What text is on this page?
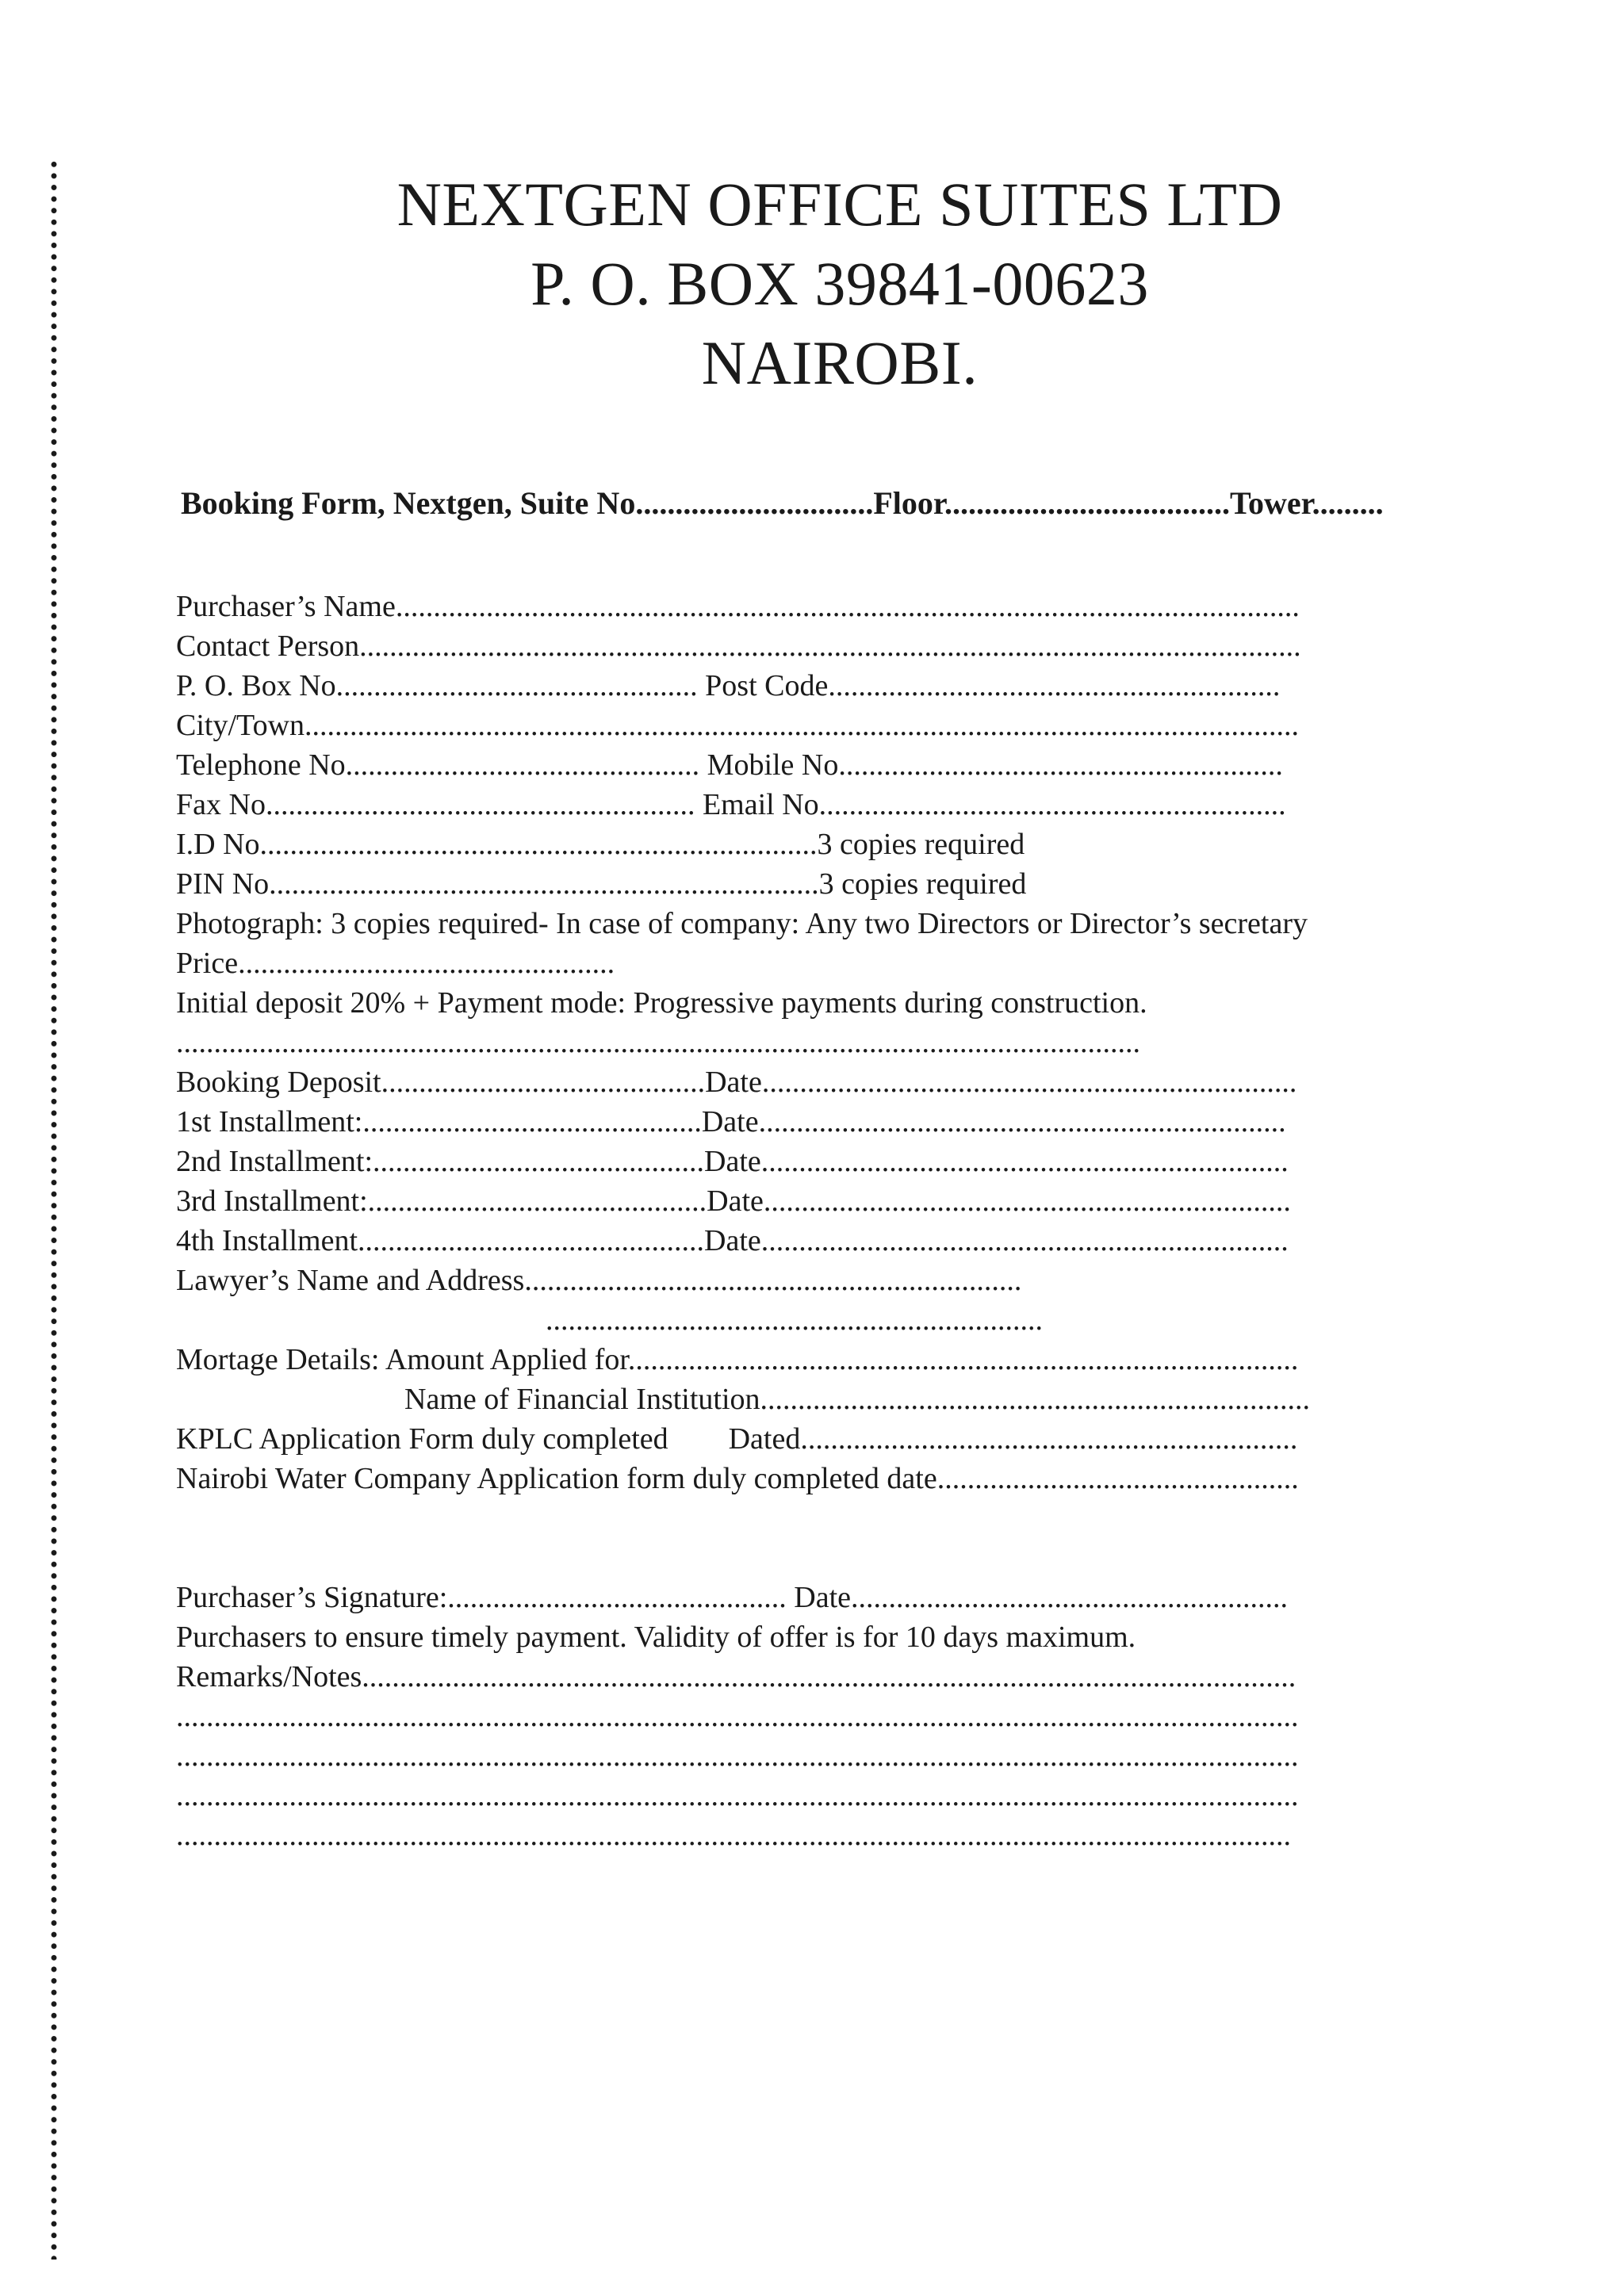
NEXTGEN OFFICE SUITES LTD
P. O. BOX 39841-00623
NAIROBI.
Booking Form, Nextgen, Suite No..............................Floor....................................Tower.........
Purchaser’s Name........................................................................................................................
Contact Person.............................................................................................................................
P. O. Box No................................................ Post Code............................................................
City/Town....................................................................................................................................
Telephone No............................................... Mobile No...........................................................
Fax No......................................................... Email No..............................................................
I.D No..........................................................................3 copies required
PIN No.........................................................................3 copies required
Photograph: 3 copies required- In case of company: Any two Directors or Director’s secretary
Price..................................................
Initial deposit 20% + Payment mode: Progressive payments during construction.
................................................................................................................................
Booking Deposit...........................................Date.......................................................................
1st Installment:.............................................Date......................................................................
2nd Installment:............................................Date......................................................................
3rd Installment:.............................................Date......................................................................
4th Installment..............................................Date......................................................................
Lawyer’s Name and Address..................................................................
..................................................................
Mortage Details: Amount Applied for.........................................................................................
Name of Financial Institution.........................................................................
KPLC Application Form duly completed        Dated..................................................................
Nairobi Water Company Application form duly completed date................................................
Purchaser’s Signature:............................................. Date..........................................................
Purchasers to ensure timely payment. Validity of offer is for 10 days maximum.
Remarks/Notes............................................................................................................................
.....................................................................................................................................................
.....................................................................................................................................................
.....................................................................................................................................................
....................................................................................................................................................
